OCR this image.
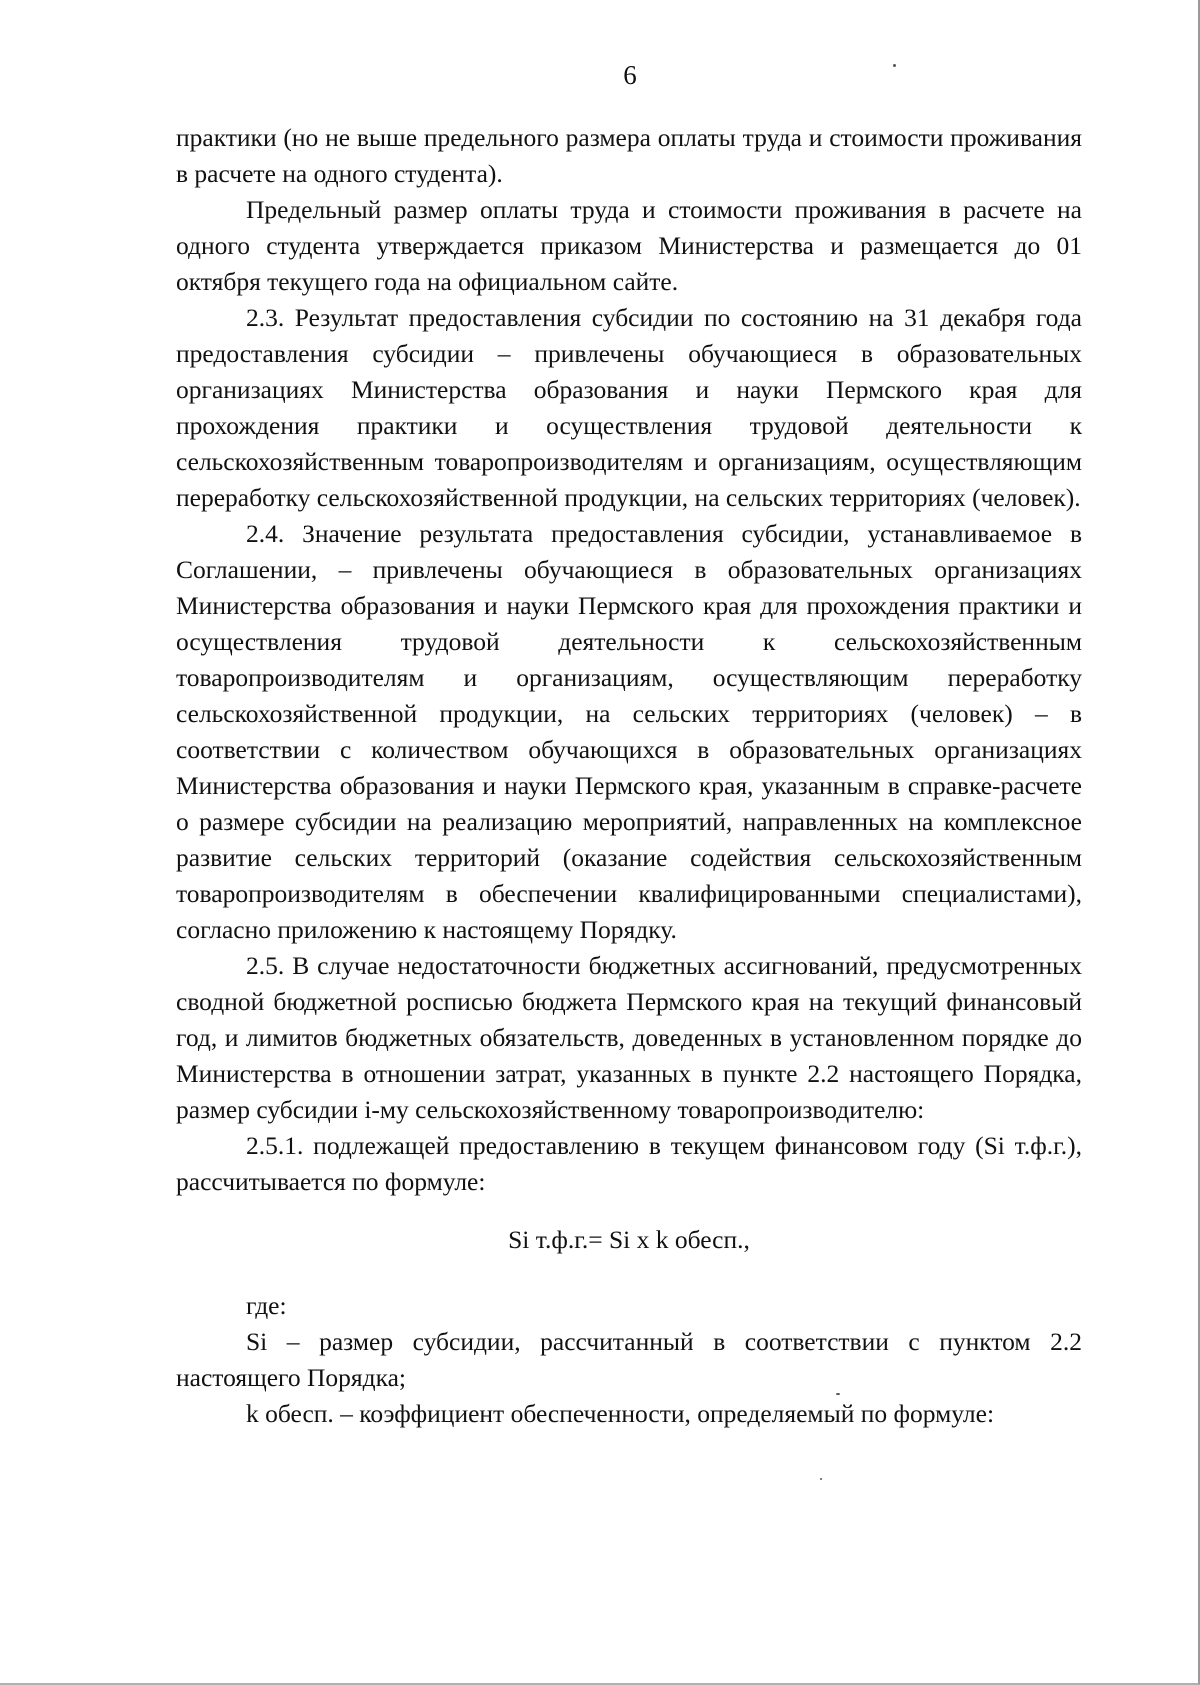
6

практики (но не выше предельного размера оплаты труда и стоимости проживания в расчете на одного студента).

Предельный размер оплаты труда и стоимости проживания в расчете на одного студента утверждается приказом Министерства и размещается до 01 октября текущего года на официальном сайте.

2.3. Результат предоставления субсидии по состоянию на 31 декабря года предоставления субсидии – привлечены обучающиеся в образовательных организациях Министерства образования и науки Пермского края для прохождения практики и осуществления трудовой деятельности к сельскохозяйственным товаропроизводителям и организациям, осуществляющим переработку сельскохозяйственной продукции, на сельских территориях (человек).

2.4. Значение результата предоставления субсидии, устанавливаемое в Соглашении, – привлечены обучающиеся в образовательных организациях Министерства образования и науки Пермского края для прохождения практики и осуществления трудовой деятельности к сельскохозяйственным товаропроизводителям и организациям, осуществляющим переработку сельскохозяйственной продукции, на сельских территориях (человек) – в соответствии с количеством обучающихся в образовательных организациях Министерства образования и науки Пермского края, указанным в справке-расчете о размере субсидии на реализацию мероприятий, направленных на комплексное развитие сельских территорий (оказание содействия сельскохозяйственным товаропроизводителям в обеспечении квалифицированными специалистами), согласно приложению к настоящему Порядку.

2.5. В случае недостаточности бюджетных ассигнований, предусмотренных сводной бюджетной росписью бюджета Пермского края на текущий финансовый год, и лимитов бюджетных обязательств, доведенных в установленном порядке до Министерства в отношении затрат, указанных в пункте 2.2 настоящего Порядка, размер субсидии i-му сельскохозяйственному товаропроизводителю:

2.5.1. подлежащей предоставлению в текущем финансовом году (Si т.ф.г.), рассчитывается по формуле:

Si т.ф.г.= Si x k обесп.,

где:

Si – размер субсидии, рассчитанный в соответствии с пунктом 2.2 настоящего Порядка;

k обесп. – коэффициент обеспеченности, определяемый по формуле:
